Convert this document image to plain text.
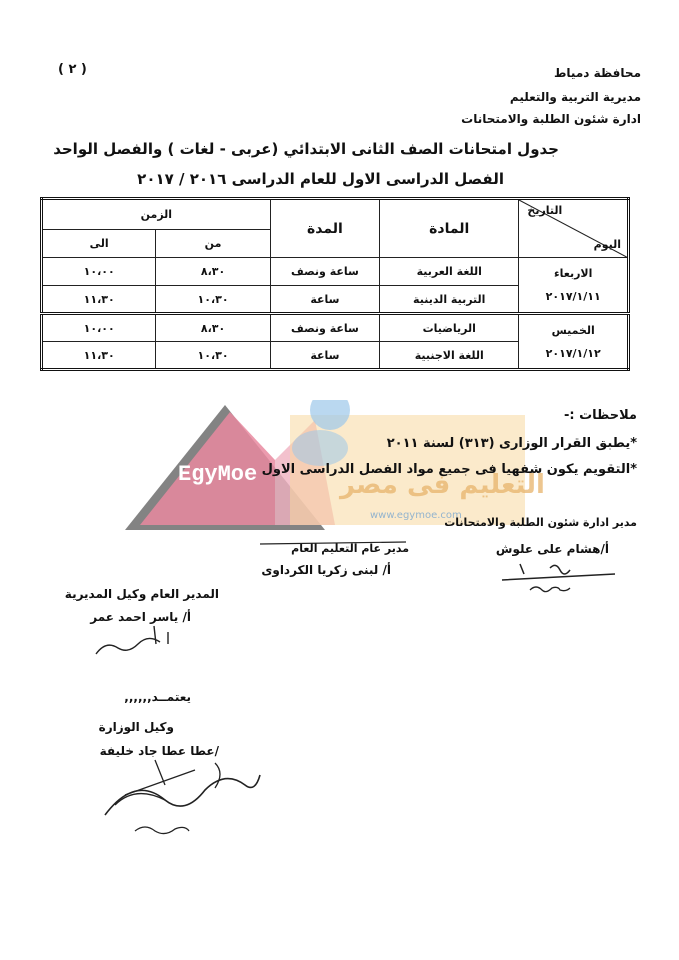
EgyMoe	التعليم فى مصر
www.egymoe.com
( ٢ )	محافظة دمياط
مديرية التربية والتعليم
ادارة شئون الطلبة والامتحانات
جدول امتحانات الصف الثانى الابتدائي (عربى - لغات ) والفصل الواحد
الفصل الدراسى الاول للعام الدراسى ٢٠١٦ / ٢٠١٧
التاريخ
اليوم	المادة	المدة	الزمن	
			من	الى

الاربعاء
٢٠١٧/١/١١	اللغة العربية	ساعة ونصف	٨،٣٠	١٠،٠٠
	التربية الدينية	ساعة	١٠،٣٠	١١،٣٠

الخميس
٢٠١٧/١/١٢	الرياضيات	ساعة ونصف	٨،٣٠	١٠،٠٠
	اللغة الاجنبية	ساعة	١٠،٣٠	١١،٣٠
ملاحظات :-
*يطبق القرار الوزارى (٣١٣) لسنة ٢٠١١
*التقويم يكون شفهيا فى جميع مواد الفصل الدراسى الاول
مدير ادارة شئون الطلبة والامتحانات
أ/هشام على علوش
مدير عام التعليم العام
أ/ لبنى زكريا الكرداوى
المدير العام وكيل المديرية
أ/ ياسر احمد عمر
يعتمــد,,,,,,
وكيل الوزارة
/عطا عطا جاد خليفة
